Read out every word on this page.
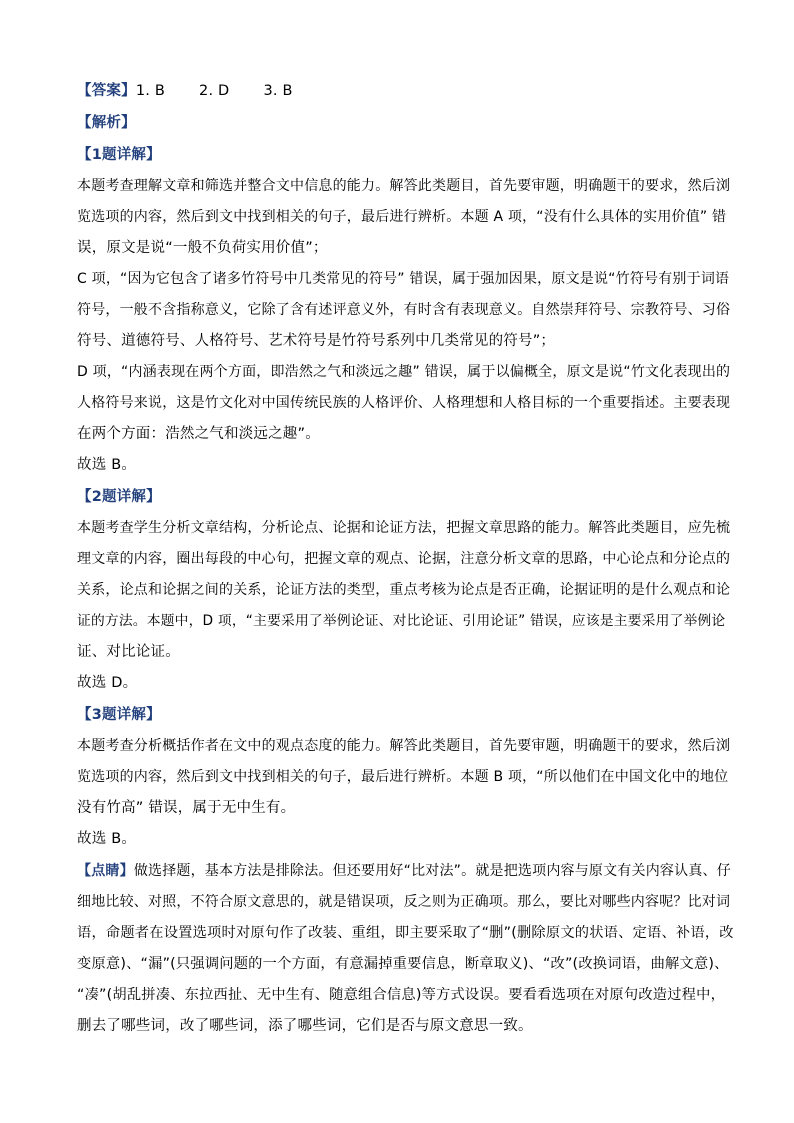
【答案】1. B 2. D 3. B
【解析】
【1题详解】
本题考查理解文章和筛选并整合文中信息的能力。解答此类题目，首先要审题，明确题干的要求，然后浏
览选项的内容，然后到文中找到相关的句子，最后进行辨析。本题 A 项，“没有什么具体的实用价值” 错
误，原文是说“一般不负荷实用价值”；
C 项，“因为它包含了诸多竹符号中几类常见的符号” 错误，属于强加因果，原文是说“竹符号有别于词语
符号，一般不含指称意义，它除了含有述评意义外，有时含有表现意义。自然崇拜符号、宗教符号、习俗
符号、道德符号、人格符号、艺术符号是竹符号系列中几类常见的符号”；
D 项，“内涵表现在两个方面，即浩然之气和淡远之趣” 错误，属于以偏概全，原文是说“竹文化表现出的
人格符号来说，这是竹文化对中国传统民族的人格评价、人格理想和人格目标的一个重要指述。主要表现
在两个方面：浩然之气和淡远之趣”。
故选 B。
【2题详解】
本题考查学生分析文章结构，分析论点、论据和论证方法，把握文章思路的能力。解答此类题目，应先梳
理文章的内容，圈出每段的中心句，把握文章的观点、论据，注意分析文章的思路，中心论点和分论点的
关系，论点和论据之间的关系，论证方法的类型，重点考核为论点是否正确，论据证明的是什么观点和论
证的方法。本题中，D 项，“主要采用了举例论证、对比论证、引用论证” 错误，应该是主要采用了举例论
证、对比论证。
故选 D。
【3题详解】
本题考查分析概括作者在文中的观点态度的能力。解答此类题目，首先要审题，明确题干的要求，然后浏
览选项的内容，然后到文中找到相关的句子，最后进行辨析。本题 B 项，“所以他们在中国文化中的地位
没有竹高” 错误，属于无中生有。
故选 B。
【点睛】做选择题，基本方法是排除法。但还要用好“比对法”。就是把选项内容与原文有关内容认真、仔
细地比较、对照，不符合原文意思的，就是错误项，反之则为正确项。那么，要比对哪些内容呢？比对词
语，命题者在设置选项时对原句作了改装、重组，即主要采取了“删”(删除原文的状语、定语、补语，改
变原意)、“漏”(只强调问题的一个方面，有意漏掉重要信息，断章取义)、“改”(改换词语，曲解文意)、
“凑”(胡乱拼凑、东拉西扯、无中生有、随意组合信息)等方式设误。要看看选项在对原句改造过程中，
删去了哪些词，改了哪些词，添了哪些词，它们是否与原文意思一致。
